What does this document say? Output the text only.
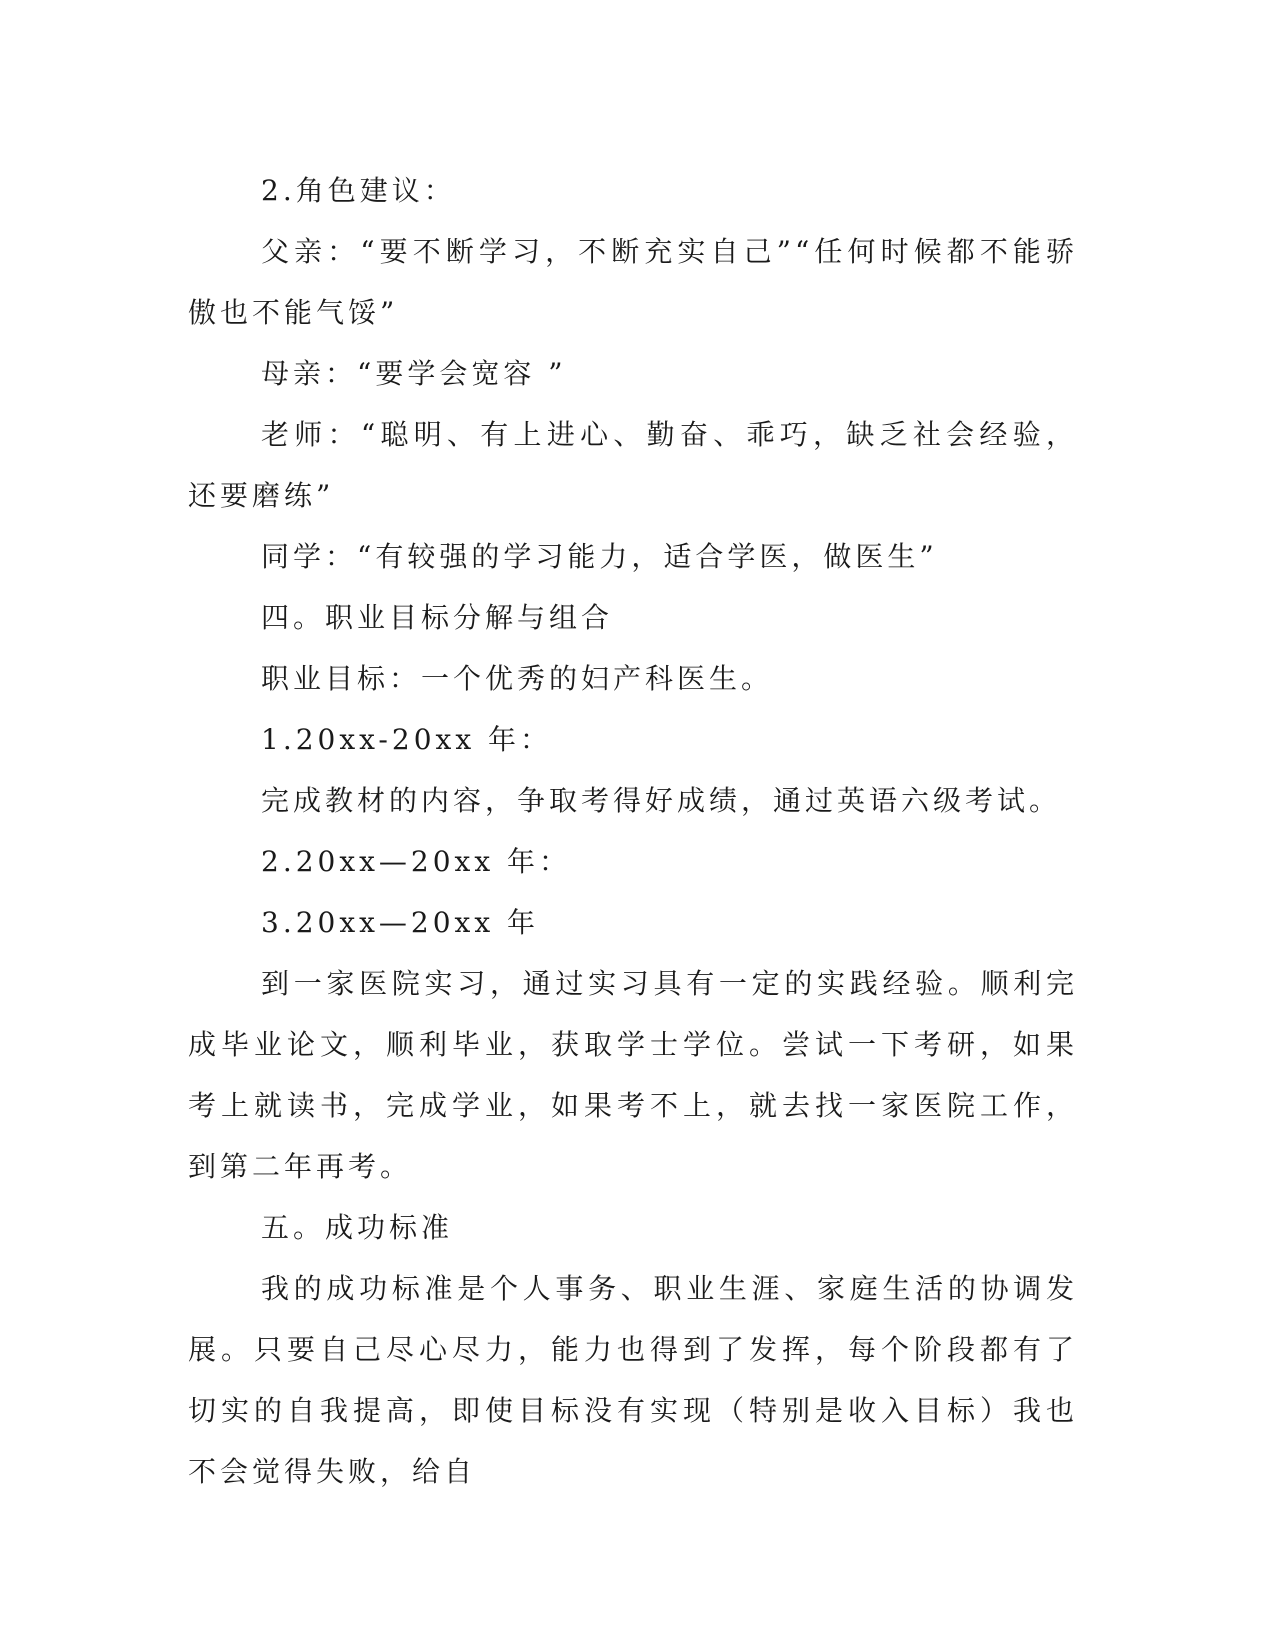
2.角色建议：

父亲：“要不断学习，不断充实自己”“任何时候都不能骄傲也不能气馁”

母亲：“要学会宽容 ”

老师：“聪明、有上进心、勤奋、乖巧，缺乏社会经验，还要磨练”

同学：“有较强的学习能力，适合学医，做医生”

四。职业目标分解与组合

职业目标：一个优秀的妇产科医生。

1.20xx-20xx 年：

完成教材的内容，争取考得好成绩，通过英语六级考试。

2.20xx—20xx 年：

3.20xx—20xx 年

到一家医院实习，通过实习具有一定的实践经验。顺利完成毕业论文，顺利毕业，获取学士学位。尝试一下考研，如果考上就读书，完成学业，如果考不上，就去找一家医院工作，到第二年再考。

五。成功标准

我的成功标准是个人事务、职业生涯、家庭生活的协调发展。只要自己尽心尽力，能力也得到了发挥，每个阶段都有了切实的自我提高，即使目标没有实现（特别是收入目标）我也不会觉得失败，给自
